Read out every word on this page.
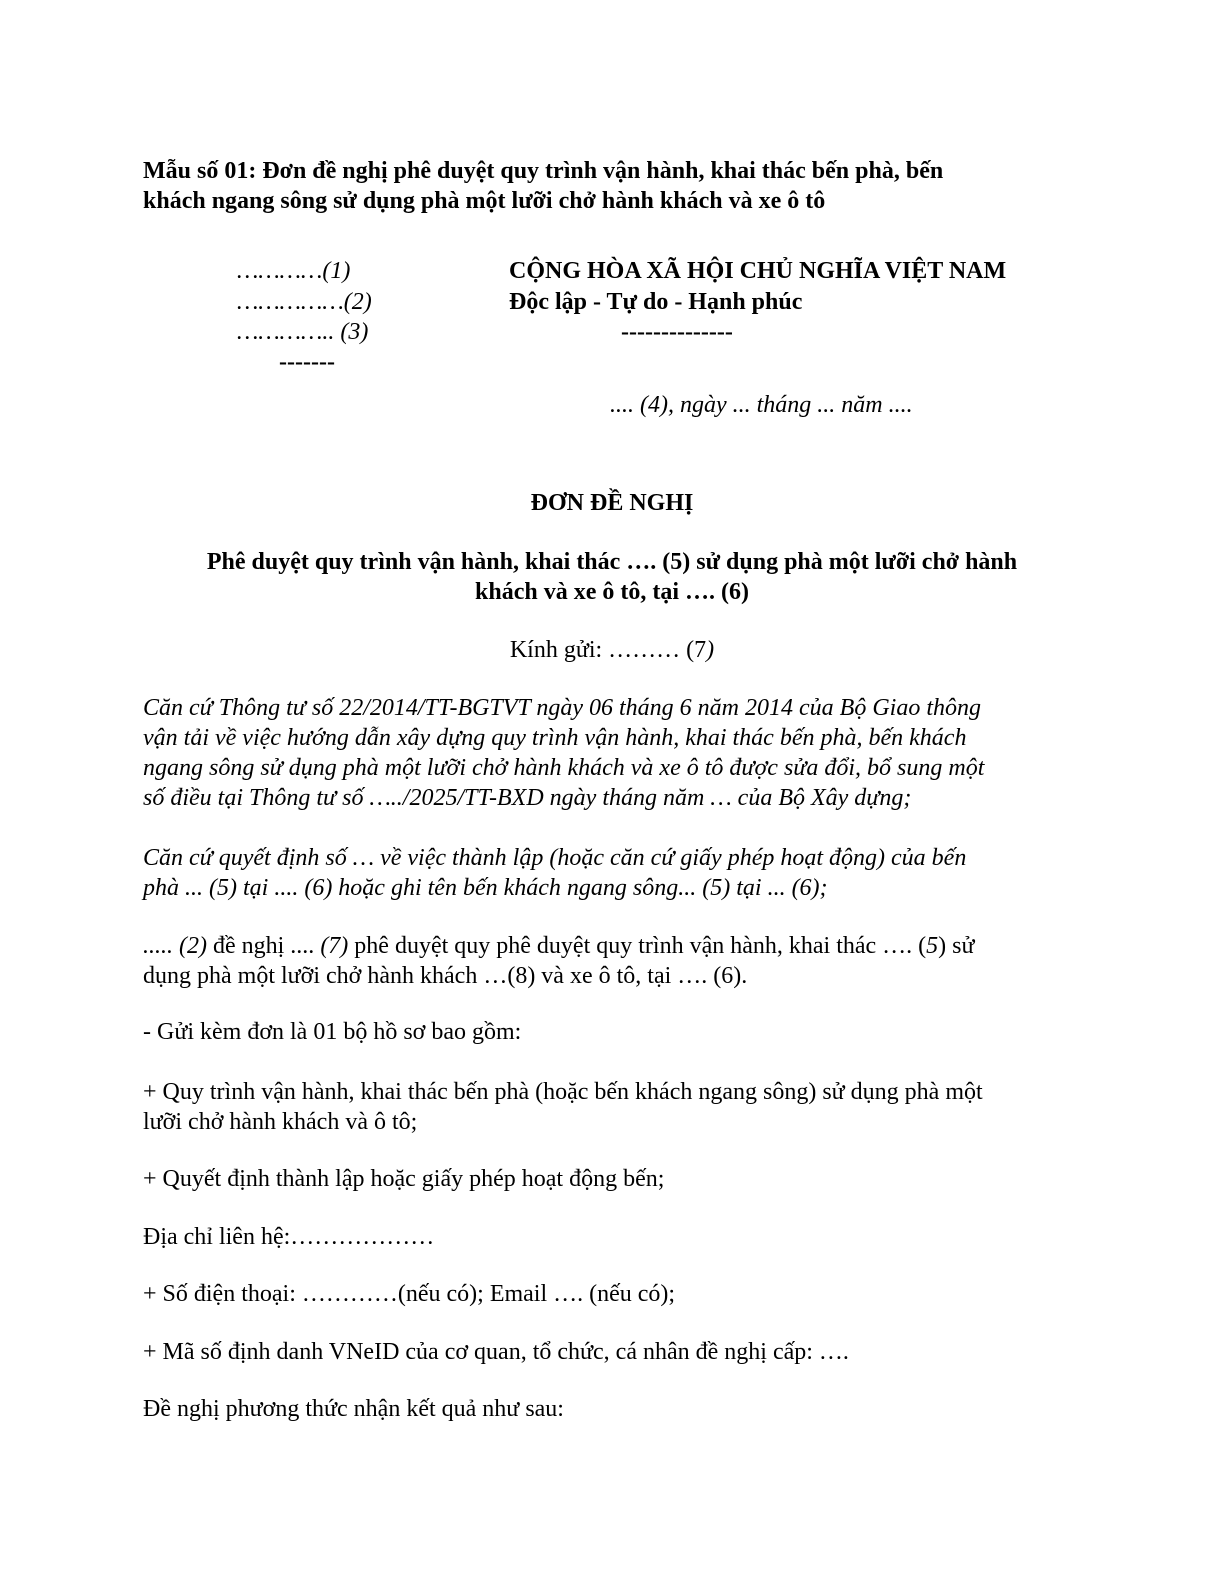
Mẫu số 01: Đơn đề nghị phê duyệt quy trình vận hành, khai thác bến phà, bến
khách ngang sông sử dụng phà một lưỡi chở hành khách và xe ô tô
…………(1)
……………(2)
………….. (3)
-------
CỘNG HÒA XÃ HỘI CHỦ NGHĨA VIỆT NAM
Độc lập - Tự do - Hạnh phúc
--------------
.... (4), ngày ... tháng ... năm ....
ĐƠN ĐỀ NGHỊ
Phê duyệt quy trình vận hành, khai thác …. (5) sử dụng phà một lưỡi chở hành
khách và xe ô tô, tại …. (6)
Kính gửi: ……… (7)
Căn cứ Thông tư số 22/2014/TT-BGTVT ngày 06 tháng 6 năm 2014 của Bộ Giao thông
vận tải về việc hướng dẫn xây dựng quy trình vận hành, khai thác bến phà, bến khách
ngang sông sử dụng phà một lưỡi chở hành khách và xe ô tô được sửa đổi, bổ sung một
số điều tại Thông tư số …../2025/TT-BXD ngày tháng năm … của Bộ Xây dựng;
Căn cứ quyết định số … về việc thành lập (hoặc căn cứ giấy phép hoạt động) của bến
phà ... (5) tại .... (6) hoặc ghi tên bến khách ngang sông... (5) tại ... (6);
..... (2) đề nghị .... (7) phê duyệt quy phê duyệt quy trình vận hành, khai thác …. (5) sử
dụng phà một lưỡi chở hành khách …(8) và xe ô tô, tại …. (6).
- Gửi kèm đơn là 01 bộ hồ sơ bao gồm:
+ Quy trình vận hành, khai thác bến phà (hoặc bến khách ngang sông) sử dụng phà một
lưỡi chở hành khách và ô tô;
+ Quyết định thành lập hoặc giấy phép hoạt động bến;
Địa chỉ liên hệ:………………
+ Số điện thoại: …………(nếu có); Email …. (nếu có);
+ Mã số định danh VNeID của cơ quan, tổ chức, cá nhân đề nghị cấp: ….
Đề nghị phương thức nhận kết quả như sau:
